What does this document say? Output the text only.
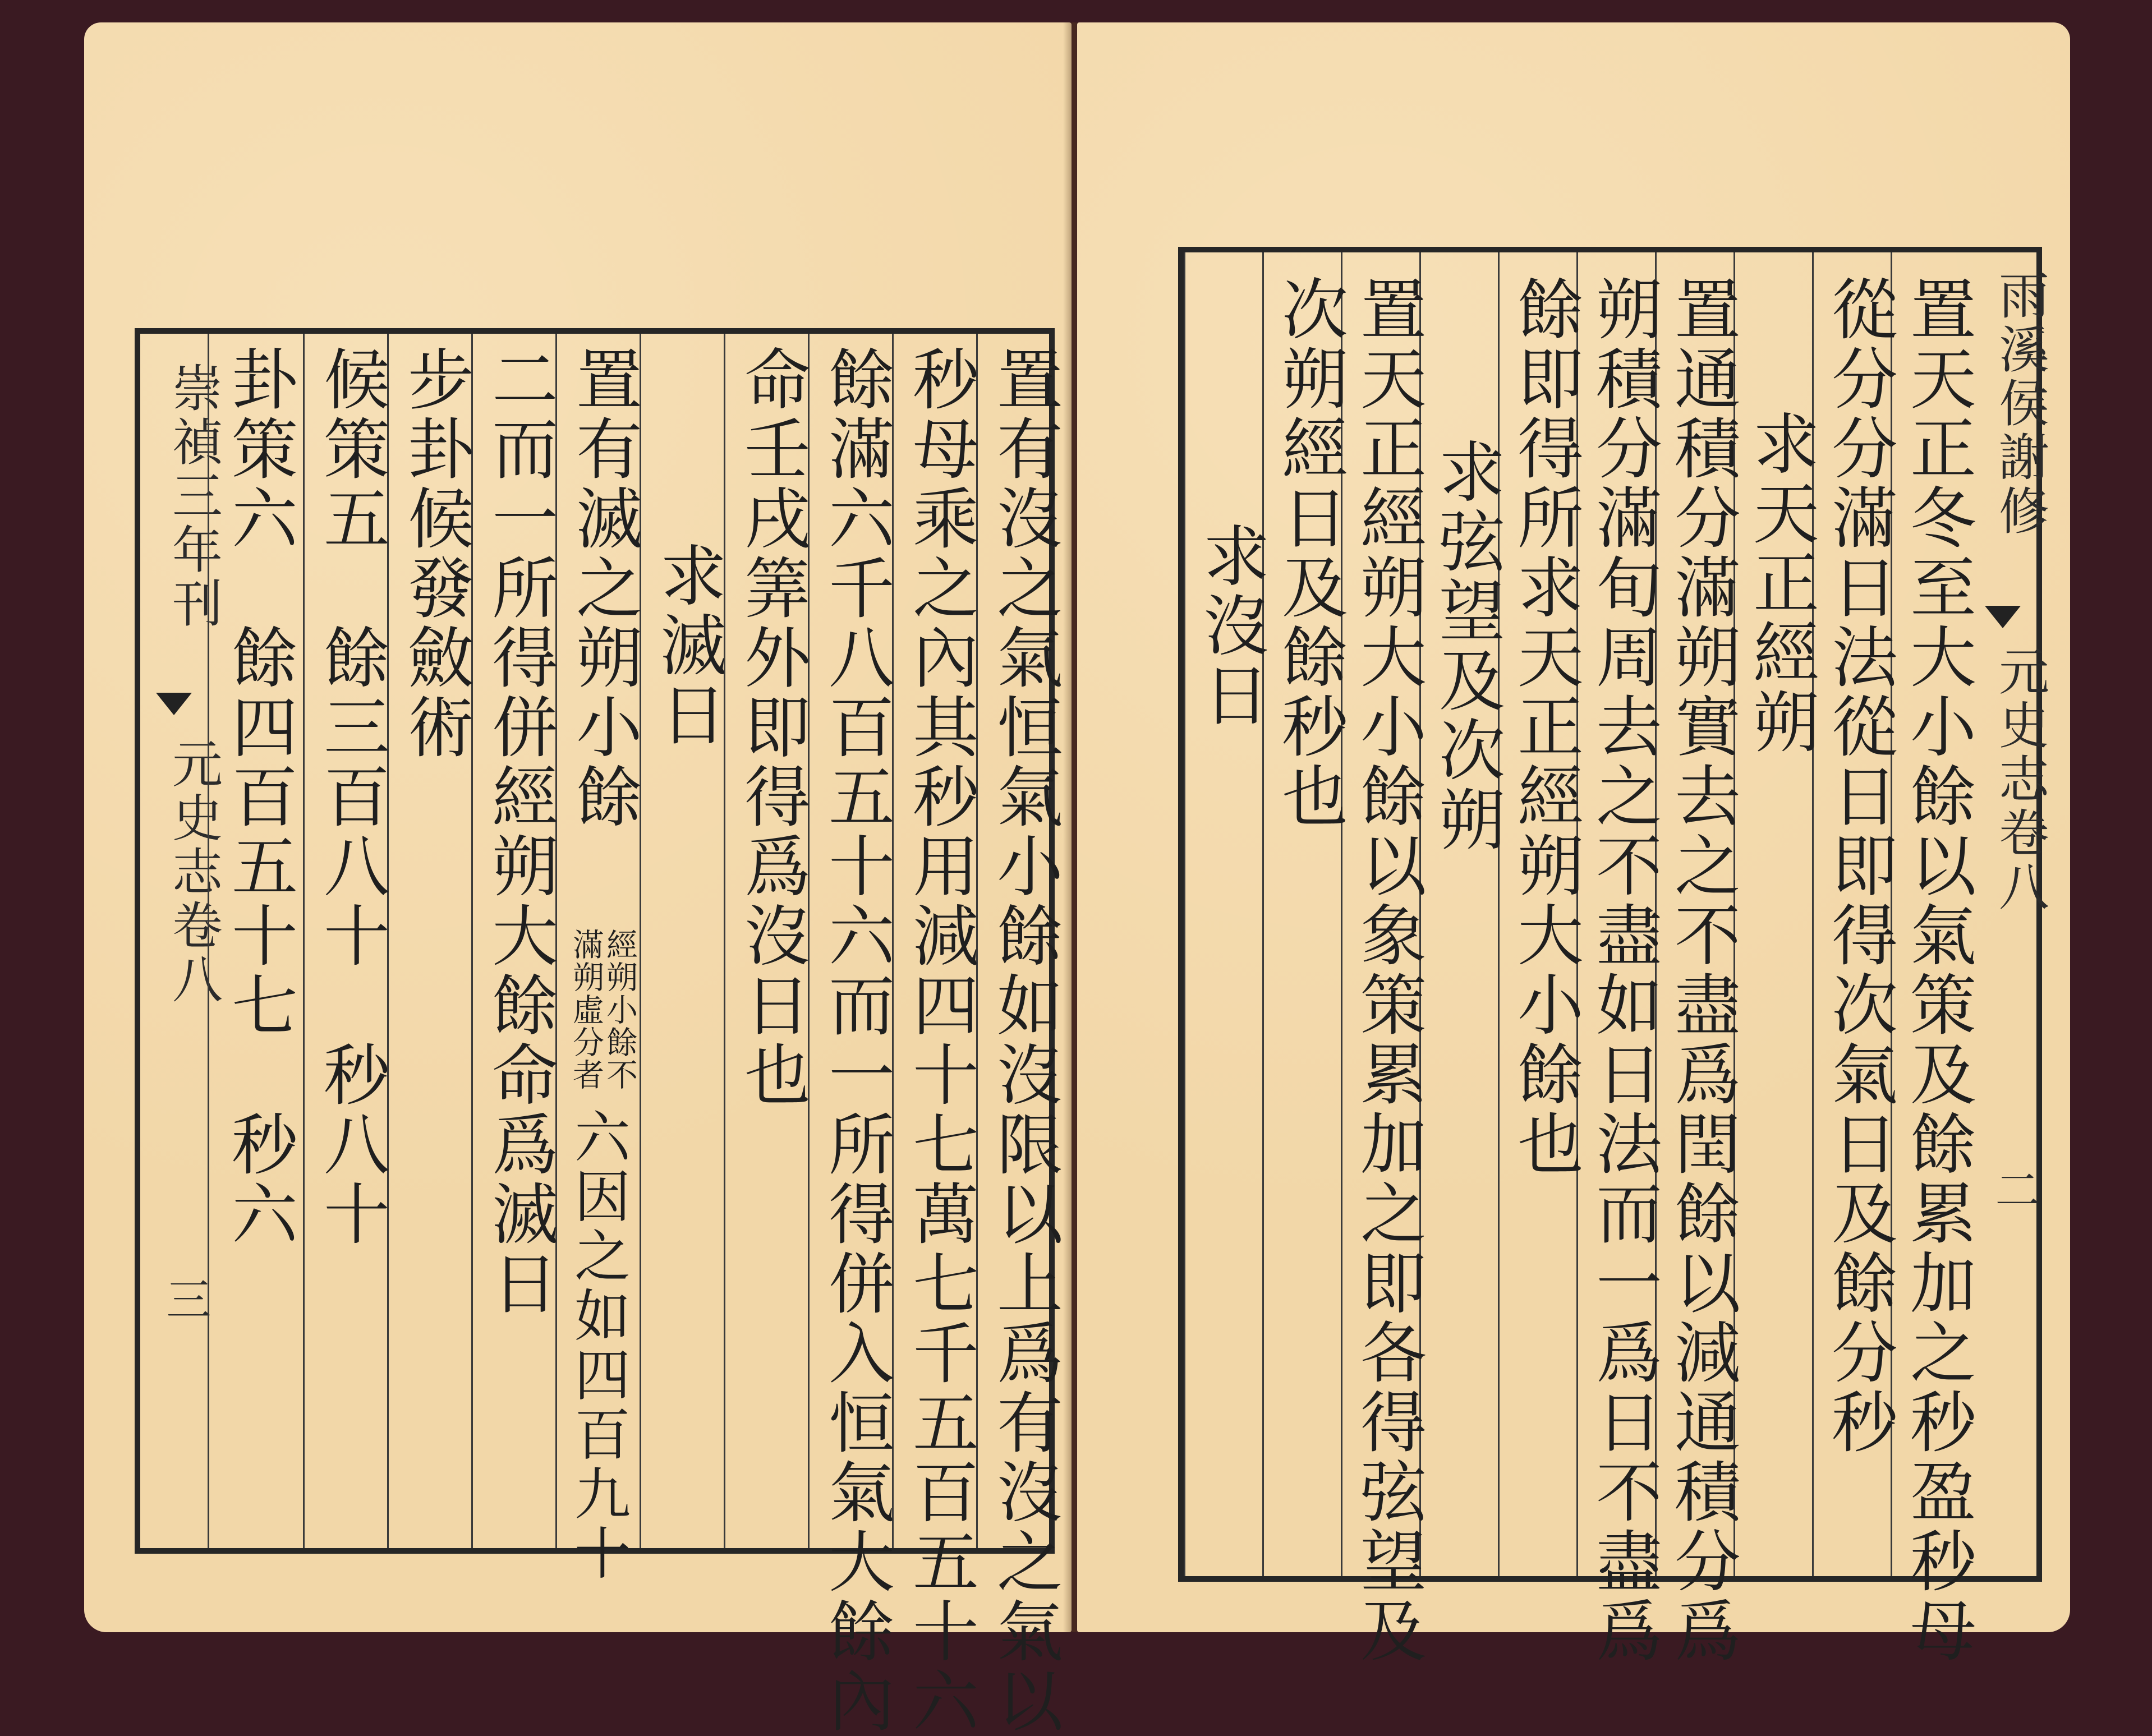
崇禎三年刊
元史志卷八
三	置有沒之氣恒氣小餘如沒限以上爲有沒之氣以
秒母乘之內其秒用減四十七萬七千五百五十六
餘滿六千八百五十六而一所得併入恒氣大餘內
命壬戌筭外即得爲沒日也
求滅日
置有滅之朔小餘
經朔小餘不
滿朔虛分者
六因之如四百九十
二而一所得併經朔大餘命爲滅日
步卦候發斂術
候策五　餘三百八十　秒八十
卦策六　餘四百五十七　秒六	雨溪侯謝修
元史志卷八
二
置天正冬至大小餘以氣策及餘累加之秒盈秒母
從分分滿日法從日即得次氣日及餘分秒
求天正經朔
置通積分滿朔實去之不盡爲閏餘以減通積分爲
朔積分滿旬周去之不盡如日法而一爲日不盡爲
餘即得所求天正經朔大小餘也
求弦望及次朔
置天正經朔大小餘以象策累加之即各得弦望及
次朔經日及餘秒也
求沒日
